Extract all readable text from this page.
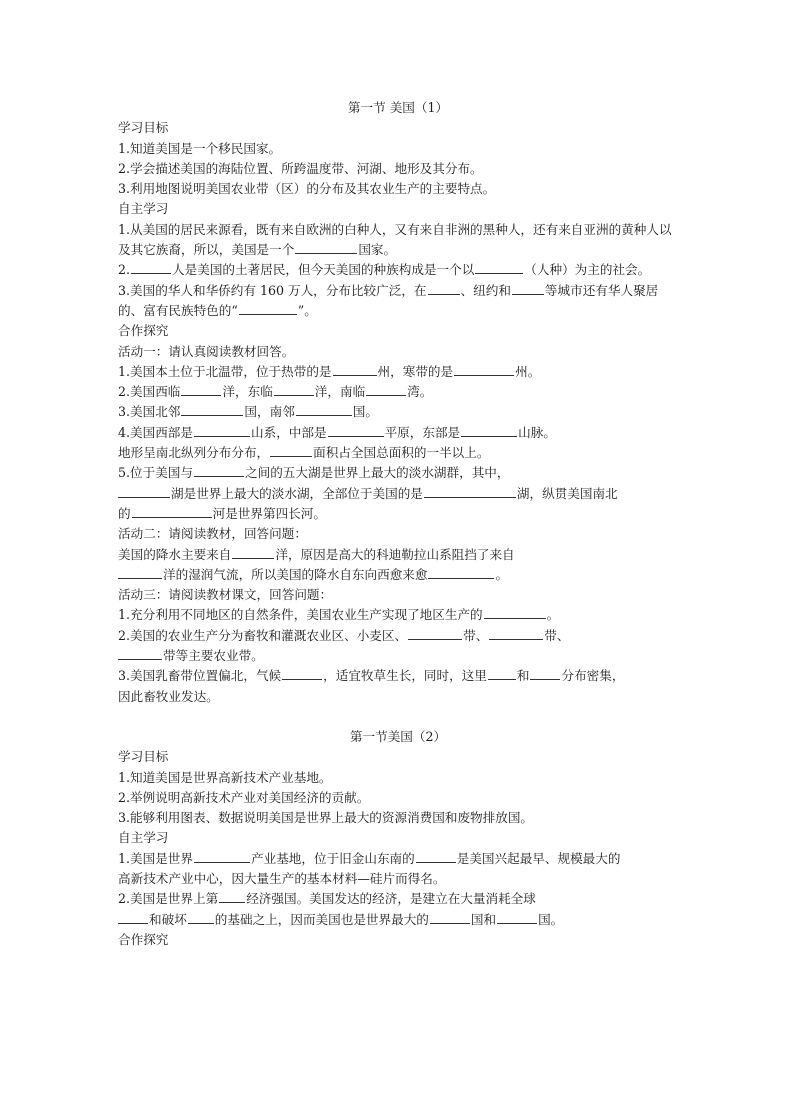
第一节 美国（1）
学习目标
1.知道美国是一个移民国家。
2.学会描述美国的海陆位置、所跨温度带、河湖、地形及其分布。
3.利用地图说明美国农业带（区）的分布及其农业生产的主要特点。
自主学习
1.从美国的居民来源看，既有来自欧洲的白种人，又有来自非洲的黑种人，还有来自亚洲的黄种人以及其它族裔，所以，美国是一个	国家。
2.	人是美国的土著居民，但今天美国的种族构成是一个以	（人种）为主的社会。
3.美国的华人和华侨约有 160 万人，分布比较广泛，在	、纽约和	等城市还有华人聚居的、富有民族特色的“	”。
合作探究
活动一：请认真阅读教材回答。
1.美国本土位于北温带，位于热带的是	州，寒带的是	州。
2.美国西临	洋，东临	洋，南临	湾。
3.美国北邻	国，南邻	国。
4.美国西部是	山系，中部是	平原，东部是	山脉。
地形呈南北纵列分布分布，	面积占全国总面积的一半以上。
5.位于美国与	之间的五大湖是世界上最大的淡水湖群，其中，
湖是世界上最大的淡水湖，全部位于美国的是	湖，纵贯美国南北
的	河是世界第四长河。
活动二：请阅读教材，回答问题：
美国的降水主要来自	洋，原因是高大的科迪勒拉山系阻挡了来自
洋的湿润气流，所以美国的降水自东向西愈来愈	。
活动三：请阅读教材课文，回答问题：
1.充分利用不同地区的自然条件，美国农业生产实现了地区生产的	。
2.美国的农业生产分为畜牧和灌溉农业区、小麦区、	带、	带、
带等主要农业带。
3.美国乳畜带位置偏北，气候	，适宜牧草生长，同时，这里 和	分布密集，
因此畜牧业发达。
第一节美国（2）
学习目标
1.知道美国是世界高新技术产业基地。
2.举例说明高新技术产业对美国经济的贡献。
3.能够利用图表、数据说明美国是世界上最大的资源消费国和废物排放国。
自主学习
1.美国是世界	产业基地，位于旧金山东南的	是美国兴起最早、规模最大的
高新技术产业中心，因大量生产的基本材料—硅片而得名。
2.美国是世界上第 经济强国。美国发达的经济，是建立在大量消耗全球
和破坏 的基础之上，因而美国也是世界最大的	国和	国。
合作探究
